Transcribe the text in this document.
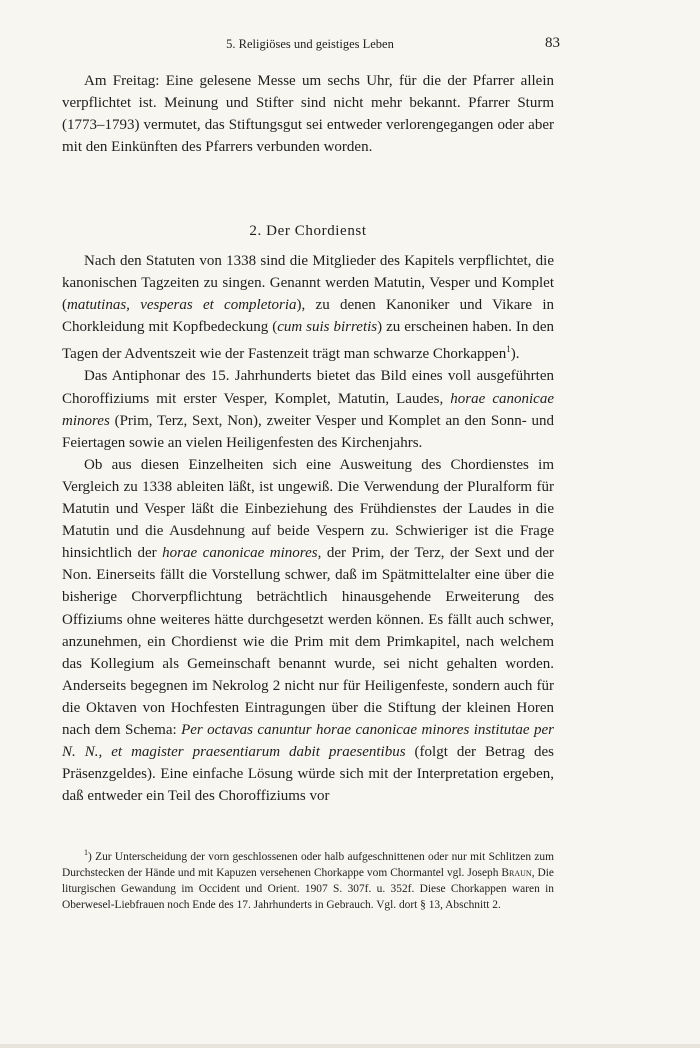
5. Religiöses und geistiges Leben	83

Am Freitag: Eine gelesene Messe um sechs Uhr, für die der Pfarrer allein verpflichtet ist. Meinung und Stifter sind nicht mehr bekannt. Pfarrer Sturm (1773–1793) vermutet, das Stiftungsgut sei entweder verlorengegangen oder aber mit den Einkünften des Pfarrers verbunden worden.

2. Der Chordienst

Nach den Statuten von 1338 sind die Mitglieder des Kapitels verpflichtet, die kanonischen Tagzeiten zu singen. Genannt werden Matutin, Vesper und Komplet (matutinas, vesperas et completoria), zu denen Kanoniker und Vikare in Chorkleidung mit Kopfbedeckung (cum suis birretis) zu erscheinen haben. In den Tagen der Adventszeit wie der Fastenzeit trägt man schwarze Chorkappen$^1$).

Das Antiphonar des 15. Jahrhunderts bietet das Bild eines voll ausgeführten Choroffiziums mit erster Vesper, Komplet, Matutin, Laudes, horae canonicae minores (Prim, Terz, Sext, Non), zweiter Vesper und Komplet an den Sonn- und Feiertagen sowie an vielen Heiligenfesten des Kirchenjahrs.

Ob aus diesen Einzelheiten sich eine Ausweitung des Chordienstes im Vergleich zu 1338 ableiten läßt, ist ungewiß. Die Verwendung der Pluralform für Matutin und Vesper läßt die Einbeziehung des Frühdienstes der Laudes in die Matutin und die Ausdehnung auf beide Vespern zu. Schwieriger ist die Frage hinsichtlich der horae canonicae minores, der Prim, der Terz, der Sext und der Non. Einerseits fällt die Vorstellung schwer, daß im Spätmittelalter eine über die bisherige Chorverpflichtung beträchtlich hinausgehende Erweiterung des Offiziums ohne weiteres hätte durchgesetzt werden können. Es fällt auch schwer, anzunehmen, ein Chordienst wie die Prim mit dem Primkapitel, nach welchem das Kollegium als Gemeinschaft benannt wurde, sei nicht gehalten worden. Anderseits begegnen im Nekrolog 2 nicht nur für Heiligenfeste, sondern auch für die Oktaven von Hochfesten Eintragungen über die Stiftung der kleinen Horen nach dem Schema: Per octavas canuntur horae canonicae minores institutae per N. N., et magister praesentiarum dabit praesentibus (folgt der Betrag des Präsenzgeldes). Eine einfache Lösung würde sich mit der Interpretation ergeben, daß entweder ein Teil des Choroffiziums vor

$^1$) Zur Unterscheidung der vorn geschlossenen oder halb aufgeschnittenen oder nur mit Schlitzen zum Durchstecken der Hände und mit Kapuzen versehenen Chorkappe vom Chormantel vgl. Joseph Braun, Die liturgischen Gewandung im Occident und Orient. 1907 S. 307f. u. 352f. Diese Chorkappen waren in Oberwesel-Liebfrauen noch Ende des 17. Jahrhunderts in Gebrauch. Vgl. dort § 13, Abschnitt 2.
